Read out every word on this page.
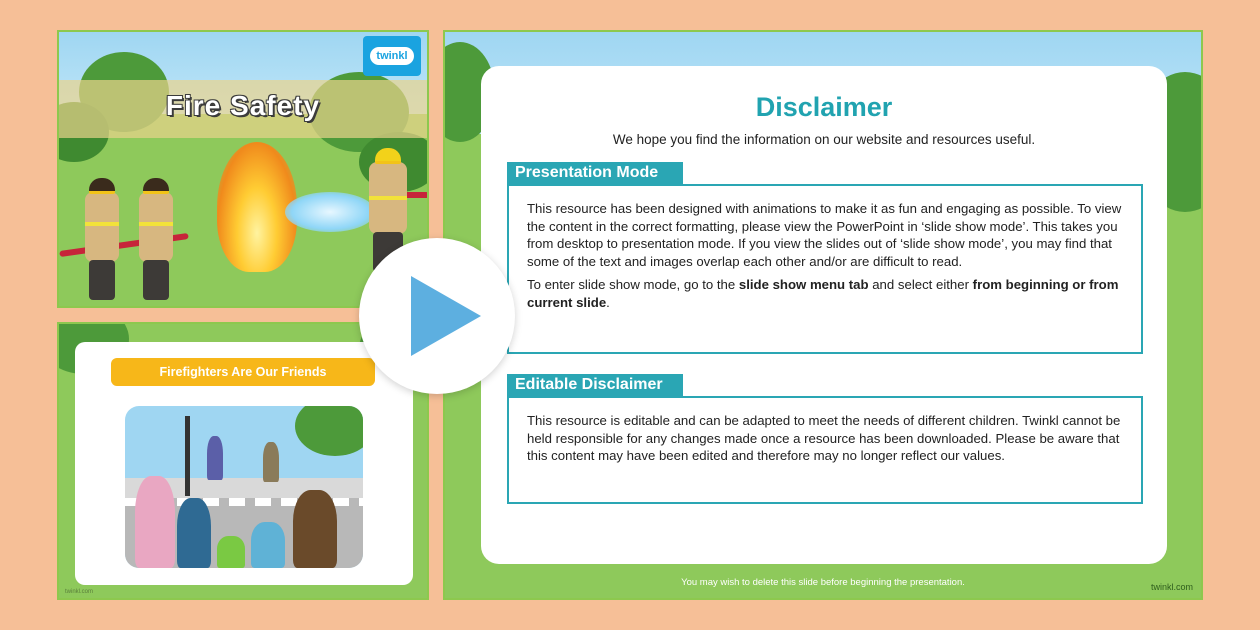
Fire Safety
twinkl
Firefighters Are Our Friends
twinkl.com
Disclaimer
We hope you find the information on our website and resources useful.
Presentation Mode

This resource has been designed with animations to make it as fun and engaging as possible. To view the content in the correct formatting, please view the PowerPoint in ‘slide show mode’. This takes you from desktop to presentation mode. If you view the slides out of ‘slide show mode’, you may find that some of the text and images overlap each other and/or are difficult to read.

To enter slide show mode, go to the slide show menu tab and select either from beginning or from current slide.

Editable Disclaimer

This resource is editable and can be adapted to meet the needs of different children. Twinkl cannot be held responsible for any changes made once a resource has been downloaded. Please be aware that this content may have been edited and therefore may no longer reflect our values.

You may wish to delete this slide before beginning the presentation.	twinkl.com
